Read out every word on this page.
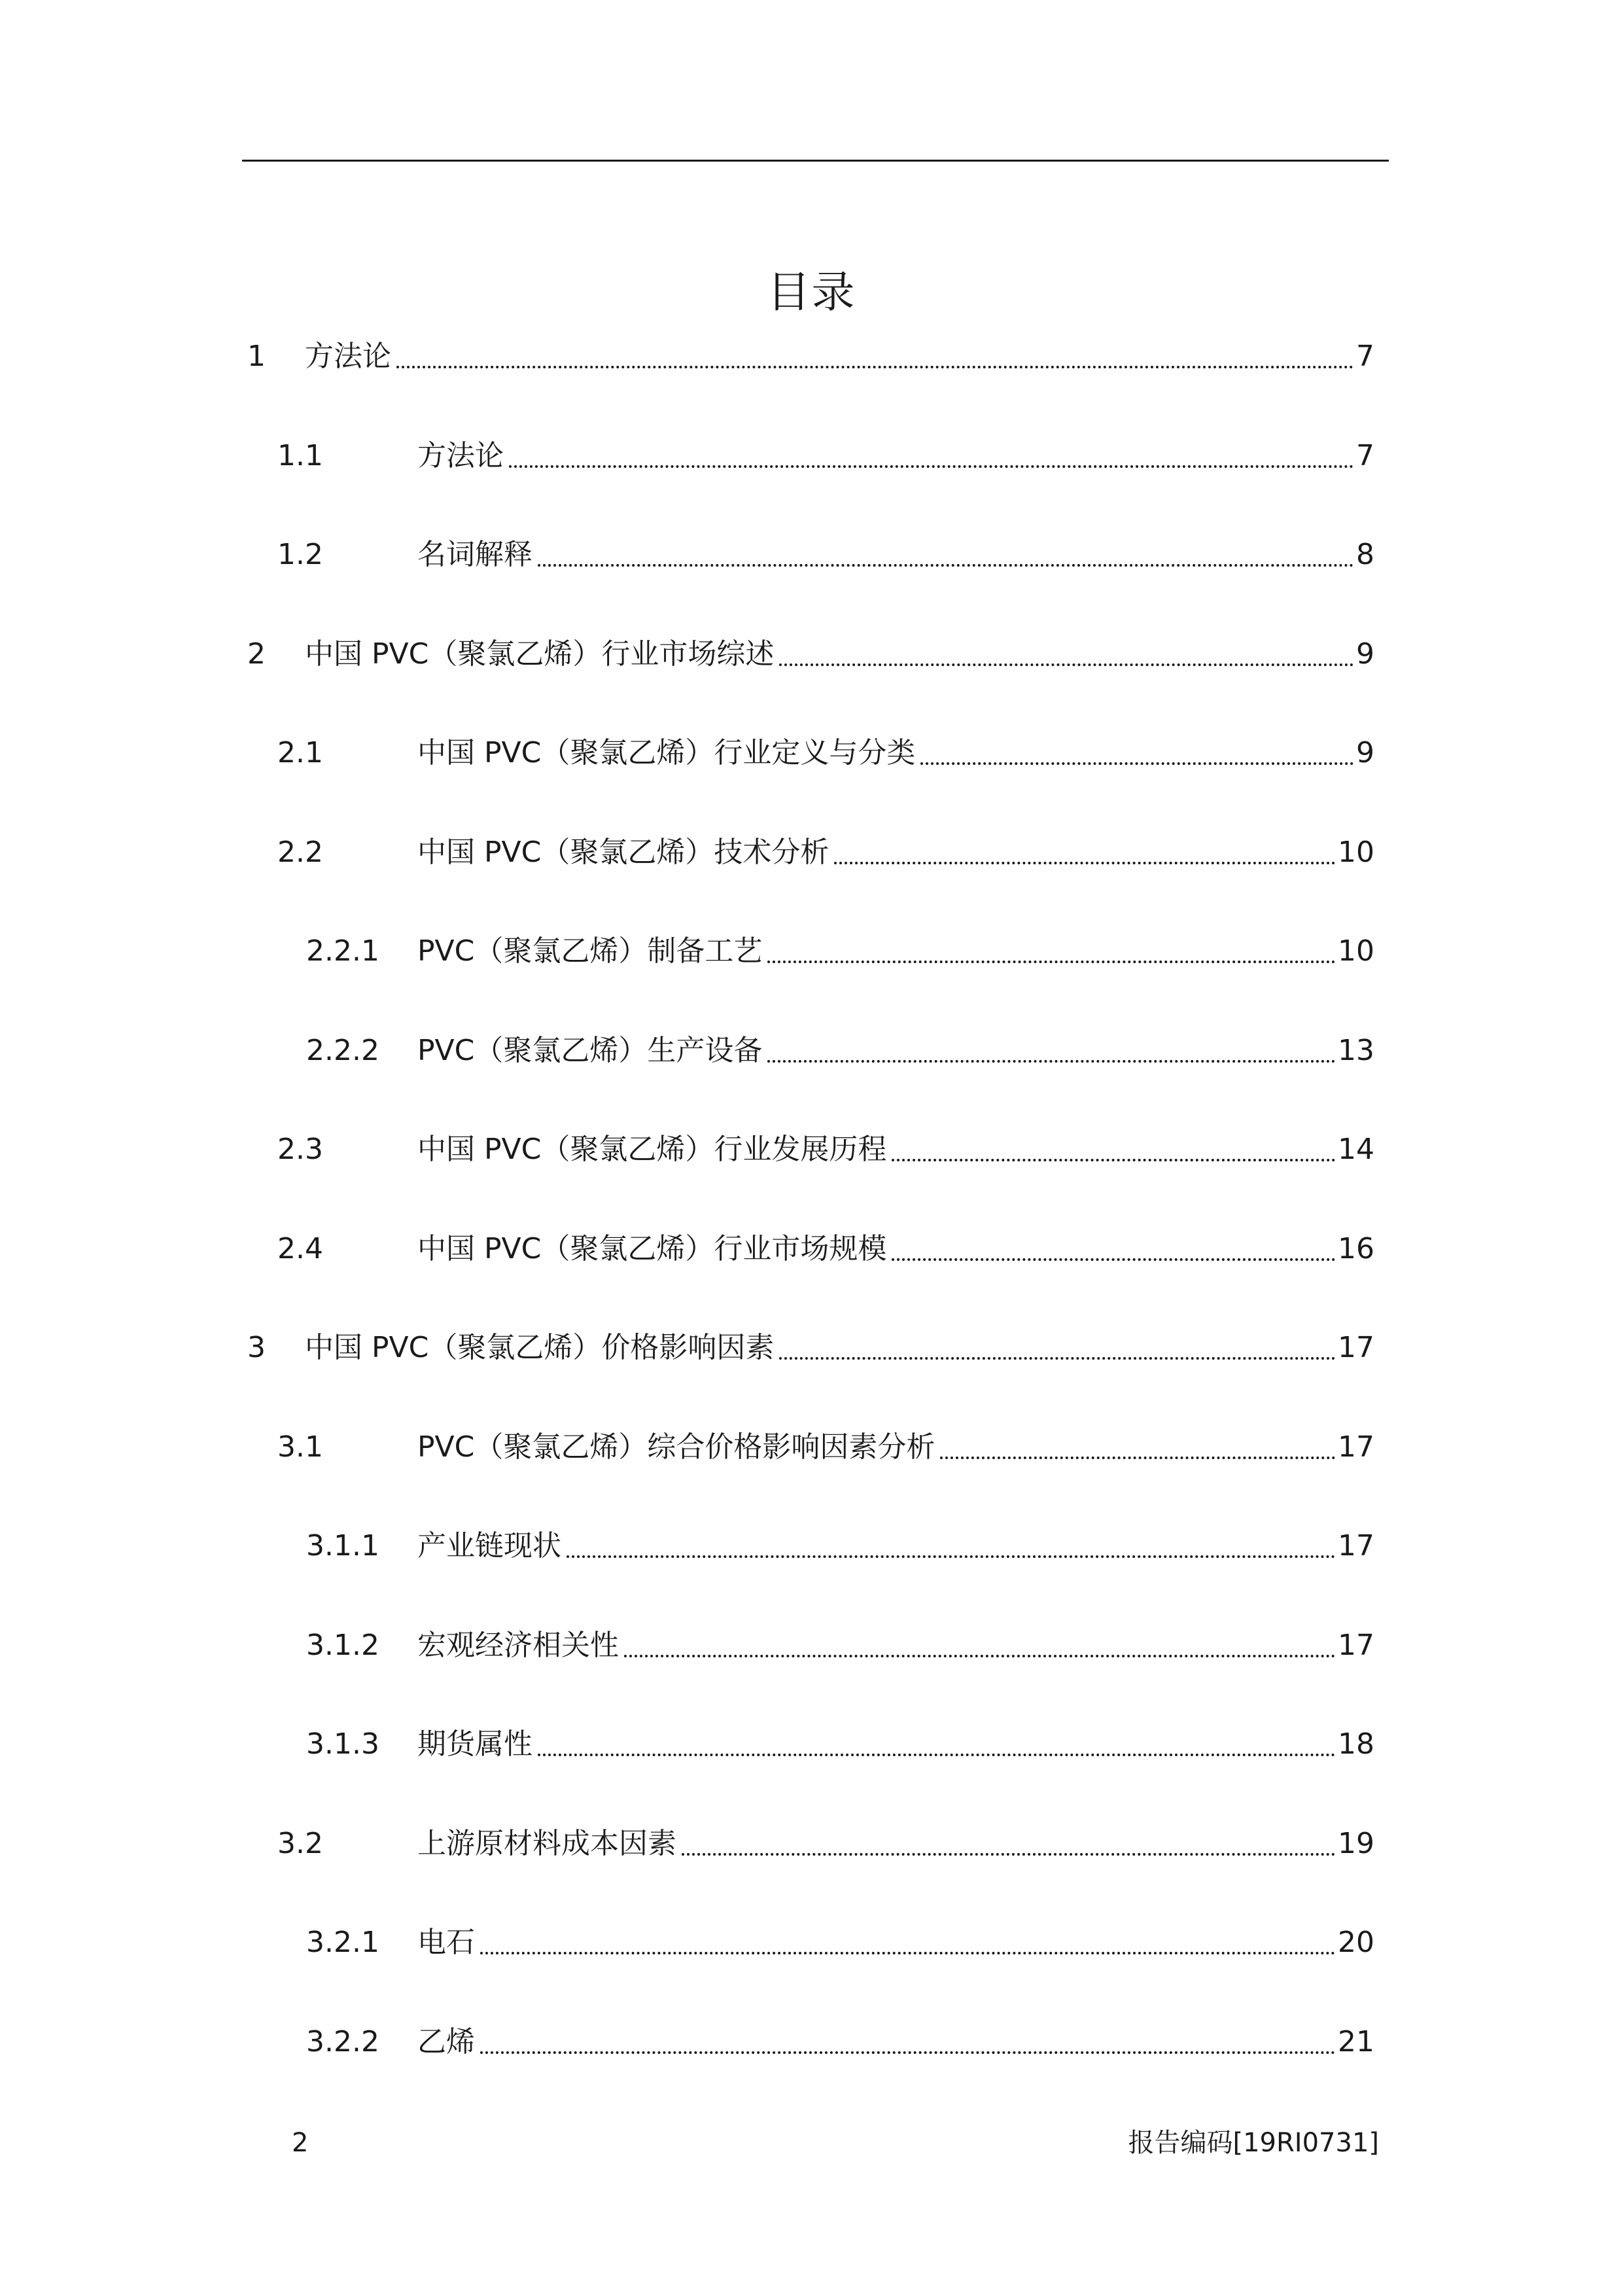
目录
1 方法论	7
1.1	方法论	7
1.2	名词解释	8
2 中国 PVC（聚氯乙烯）行业市场综述	9
2.1	中国 PVC（聚氯乙烯）行业定义与分类	9
2.2	中国 PVC（聚氯乙烯）技术分析	10
2.2.1 PVC（聚氯乙烯）制备工艺	10
2.2.2 PVC（聚氯乙烯）生产设备	13
2.3	中国 PVC（聚氯乙烯）行业发展历程	14
2.4	中国 PVC（聚氯乙烯）行业市场规模	16
3 中国 PVC（聚氯乙烯）价格影响因素	17
3.1	PVC（聚氯乙烯）综合价格影响因素分析	17
3.1.1 产业链现状	17
3.1.2 宏观经济相关性	17
3.1.3 期货属性	18
3.2	上游原材料成本因素	19
3.2.1 电石	20
3.2.2 乙烯	21
2	报告编码[19RI0731]
